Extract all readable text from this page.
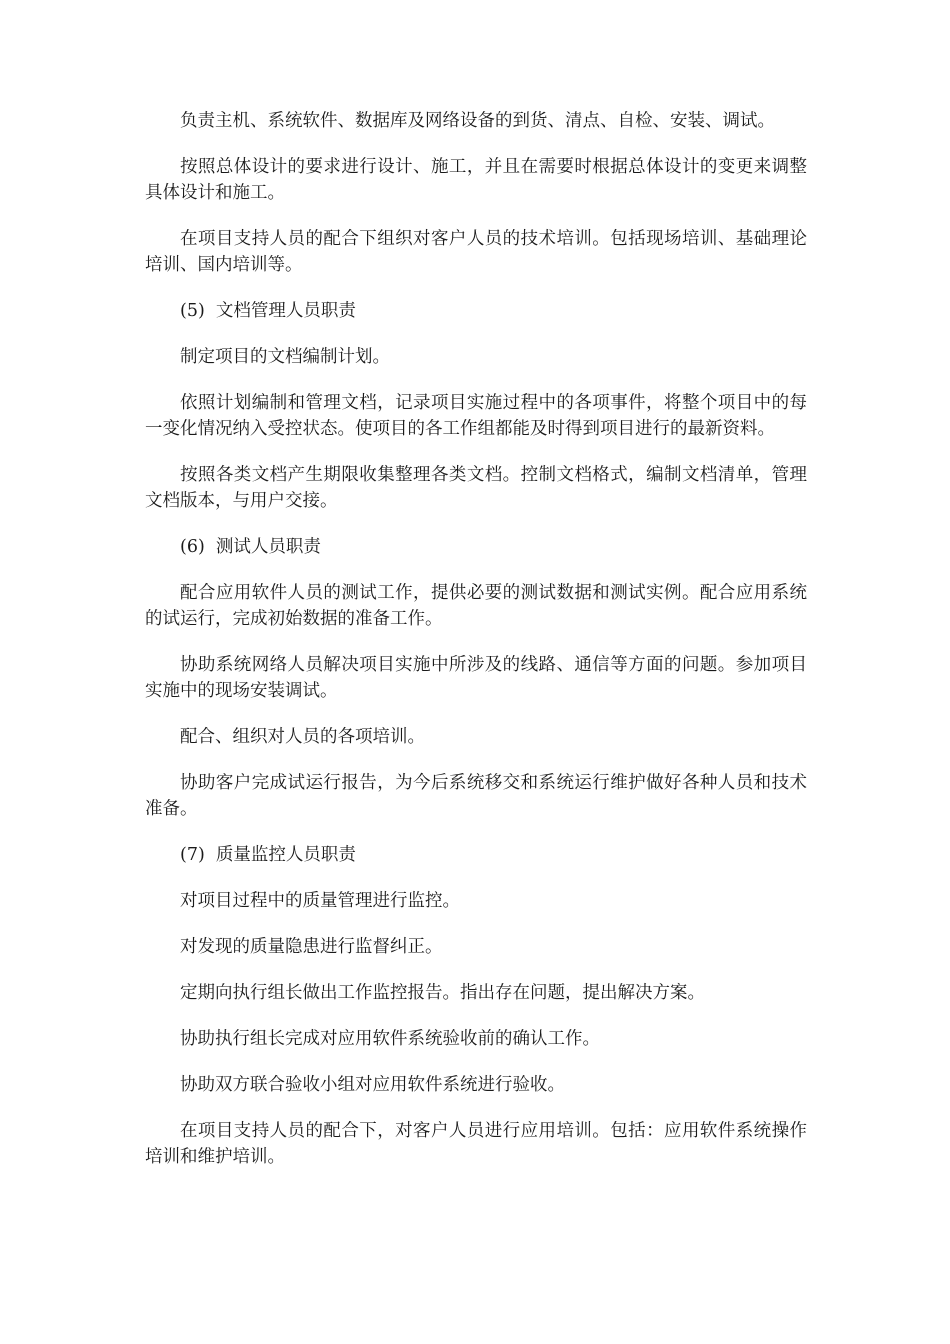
负责主机、系统软件、数据库及网络设备的到货、清点、自检、安装、调试。

按照总体设计的要求进行设计、施工，并且在需要时根据总体设计的变更来调整具体设计和施工。

在项目支持人员的配合下组织对客户人员的技术培训。包括现场培训、基础理论培训、国内培训等。

(5)  文档管理人员职责

制定项目的文档编制计划。

依照计划编制和管理文档，记录项目实施过程中的各项事件，将整个项目中的每一变化情况纳入受控状态。使项目的各工作组都能及时得到项目进行的最新资料。

按照各类文档产生期限收集整理各类文档。控制文档格式，编制文档清单，管理文档版本，与用户交接。

(6)  测试人员职责

配合应用软件人员的测试工作，提供必要的测试数据和测试实例。配合应用系统的试运行，完成初始数据的准备工作。

协助系统网络人员解决项目实施中所涉及的线路、通信等方面的问题。参加项目实施中的现场安装调试。

配合、组织对人员的各项培训。

协助客户完成试运行报告，为今后系统移交和系统运行维护做好各种人员和技术准备。

(7)  质量监控人员职责

对项目过程中的质量管理进行监控。

对发现的质量隐患进行监督纠正。

定期向执行组长做出工作监控报告。指出存在问题，提出解决方案。

协助执行组长完成对应用软件系统验收前的确认工作。

协助双方联合验收小组对应用软件系统进行验收。

在项目支持人员的配合下，对客户人员进行应用培训。包括：应用软件系统操作培训和维护培训。
